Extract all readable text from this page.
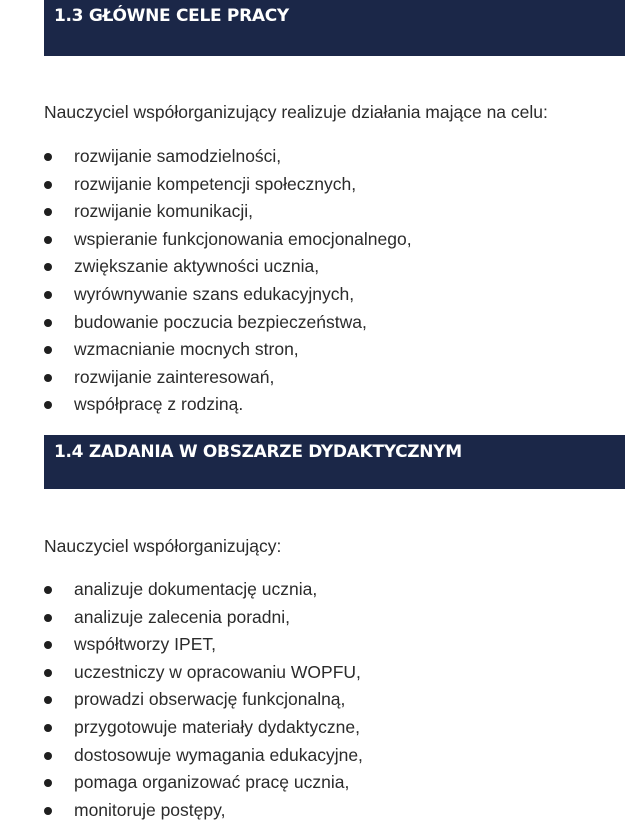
1.3 GŁÓWNE CELE PRACY
Nauczyciel współorganizujący realizuje działania mające na celu:
rozwijanie samodzielności,
rozwijanie kompetencji społecznych,
rozwijanie komunikacji,
wspieranie funkcjonowania emocjonalnego,
zwiększanie aktywności ucznia,
wyrównywanie szans edukacyjnych,
budowanie poczucia bezpieczeństwa,
wzmacnianie mocnych stron,
rozwijanie zainteresowań,
współpracę z rodziną.
1.4 ZADANIA W OBSZARZE DYDAKTYCZNYM
Nauczyciel współorganizujący:
analizuje dokumentację ucznia,
analizuje zalecenia poradni,
współtworzy IPET,
uczestniczy w opracowaniu WOPFU,
prowadzi obserwację funkcjonalną,
przygotowuje materiały dydaktyczne,
dostosowuje wymagania edukacyjne,
pomaga organizować pracę ucznia,
monitoruje postępy,
